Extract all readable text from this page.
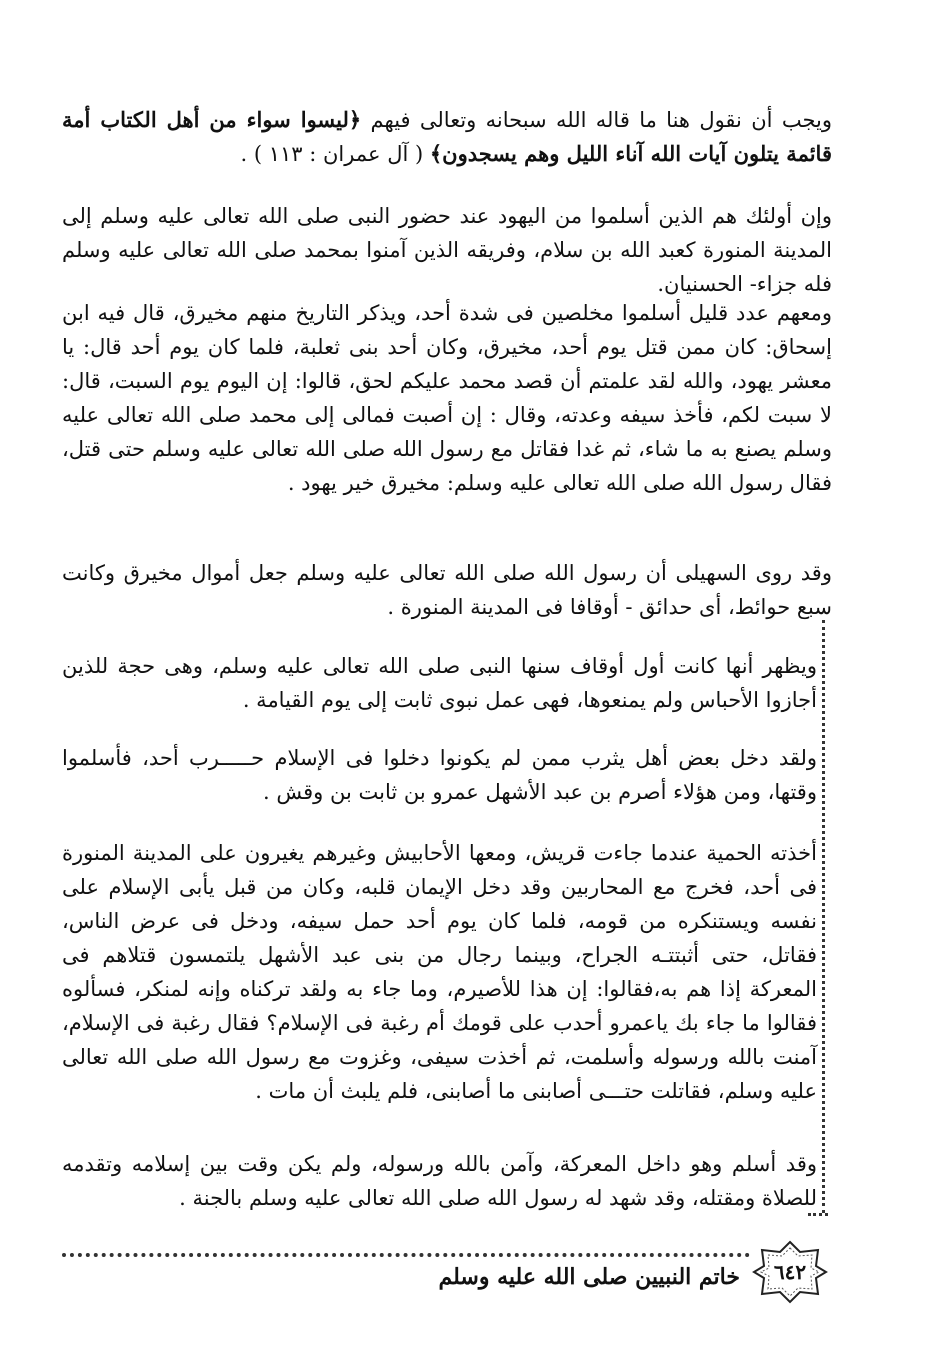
ويجب أن نقول هنا ما قاله الله سبحانه وتعالى فيهم ﴿ليسوا سواء من أهل الكتاب أمة قائمة يتلون آيات الله آناء الليل وهم يسجدون﴾ ( آل عمران : ١١٣ ) .

وإن أولئك هم الذين أسلموا من اليهود عند حضور النبى صلى الله تعالى عليه وسلم إلى المدينة المنورة كعبد الله بن سلام، وفريقه الذين آمنوا بمحمد صلى الله تعالى عليه وسلم فله جزاء- الحسنيان.

ومعهم عدد قليل أسلموا مخلصين فى شدة أحد، ويذكر التاريخ منهم مخيرق، قال فيه ابن إسحاق: كان ممن قتل يوم أحد، مخيرق، وكان أحد بنى ثعلبة، فلما كان يوم أحد قال: يا معشر يهود، والله لقد علمتم أن قصد محمد عليكم لحق، قالوا: إن اليوم يوم السبت، قال: لا سبت لكم، فأخذ سيفه وعدته، وقال : إن أصبت فمالى إلى محمد صلى الله تعالى عليه وسلم يصنع به ما شاء، ثم غدا فقاتل مع رسول الله صلى الله تعالى عليه وسلم حتى قتل، فقال رسول الله صلى الله تعالى عليه وسلم: مخيرق خير يهود .

وقد روى السهيلى أن رسول الله صلى الله تعالى عليه وسلم جعل أموال مخيرق وكانت سبع حوائط، أى حدائق - أوقافا فى المدينة المنورة .

ويظهر أنها كانت أول أوقاف سنها النبى صلى الله تعالى عليه وسلم، وهى حجة للذين أجازوا الأحباس ولم يمنعوها، فهى عمل نبوى ثابت إلى يوم القيامة .

ولقد دخل بعض أهل يثرب ممن لم يكونوا دخلوا فى الإسلام حـــــرب أحد، فأسلموا وقتها، ومن هؤلاء أصرم بن عبد الأشهل عمرو بن ثابت بن وقش .

أخذته الحمية عندما جاءت قريش، ومعها الأحابيش وغيرهم يغيرون على المدينة المنورة فى أحد، فخرج مع المحاربين وقد دخل الإيمان قلبه، وكان من قبل يأبى الإسلام على نفسه ويستنكره من قومه، فلما كان يوم أحد حمل سيفه، ودخل فى عرض الناس، فقاتل، حتى أثبتتـه الجراح، وبينما رجال من بنى عبد الأشهل يلتمسون قتلاهم فى المعركة إذا هم به،فقالوا: إن هذا للأصيرم، وما جاء به ولقد تركناه وإنه لمنكر، فسألوه فقالوا ما جاء بك ياعمرو أحدب على قومك أم رغبة فى الإسلام؟ فقال رغبة فى الإسلام، آمنت بالله ورسوله وأسلمت، ثم أخذت سيفى، وغزوت مع رسول الله صلى الله تعالى عليه وسلم، فقاتلت حتـــى أصابنى ما أصابنى، فلم يلبث أن مات .

وقد أسلم وهو داخل المعركة، وآمن بالله ورسوله، ولم يكن وقت بين إسلامه وتقدمه للصلاة ومقتله، وقد شهد له رسول الله صلى الله تعالى عليه وسلم بالجنة .

خاتم النبيين صلى الله عليه وسلم	٦٤٢
